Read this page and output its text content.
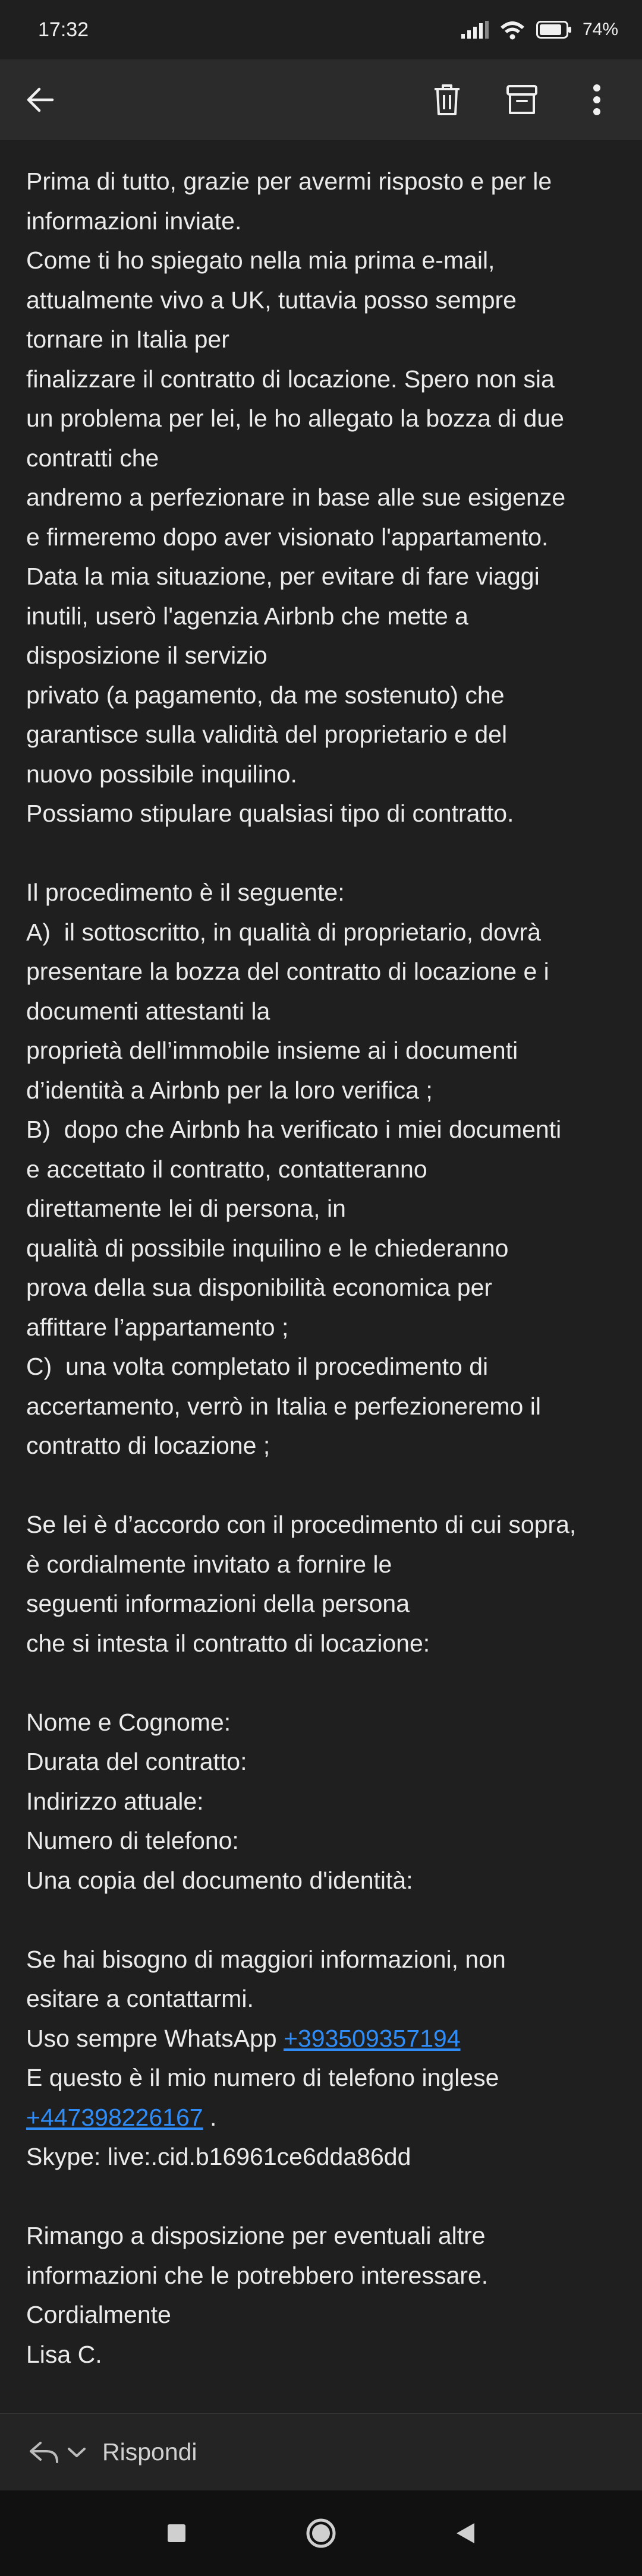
17:32	74%
Prima di tutto, grazie per avermi risposto e per le
informazioni inviate.
Come ti ho spiegato nella mia prima e-mail,
attualmente vivo a UK, tuttavia posso sempre
tornare in Italia per
finalizzare il contratto di locazione. Spero non sia
un problema per lei, le ho allegato la bozza di due
contratti che
andremo a perfezionare in base alle sue esigenze
e firmeremo dopo aver visionato l'appartamento.
Data la mia situazione, per evitare di fare viaggi
inutili, userò l'agenzia Airbnb che mette a
disposizione il servizio
privato (a pagamento, da me sostenuto) che
garantisce sulla validità del proprietario e del
nuovo possibile inquilino.
Possiamo stipulare qualsiasi tipo di contratto.
Il procedimento è il seguente:
A)  il sottoscritto, in qualità di proprietario, dovrà
presentare la bozza del contratto di locazione e i
documenti attestanti la
proprietà dell’immobile insieme ai i documenti
d’identità a Airbnb per la loro verifica ;
B)  dopo che Airbnb ha verificato i miei documenti
e accettato il contratto, contatteranno
direttamente lei di persona, in
qualità di possibile inquilino e le chiederanno
prova della sua disponibilità economica per
affittare l’appartamento ;
C)  una volta completato il procedimento di
accertamento, verrò in Italia e perfezioneremo il
contratto di locazione ;
Se lei è d’accordo con il procedimento di cui sopra,
è cordialmente invitato a fornire le
seguenti informazioni della persona
che si intesta il contratto di locazione:
Nome e Cognome:
Durata del contratto:
Indirizzo attuale:
Numero di telefono:
Una copia del documento d'identità:
Se hai bisogno di maggiori informazioni, non
esitare a contattarmi.
Uso sempre WhatsApp +393509357194
E questo è il mio numero di telefono inglese
+447398226167 .
Skype: live:.cid.b16961ce6dda86dd
Rimango a disposizione per eventuali altre
informazioni che le potrebbero interessare.
Cordialmente
Lisa C.
Rispondi
